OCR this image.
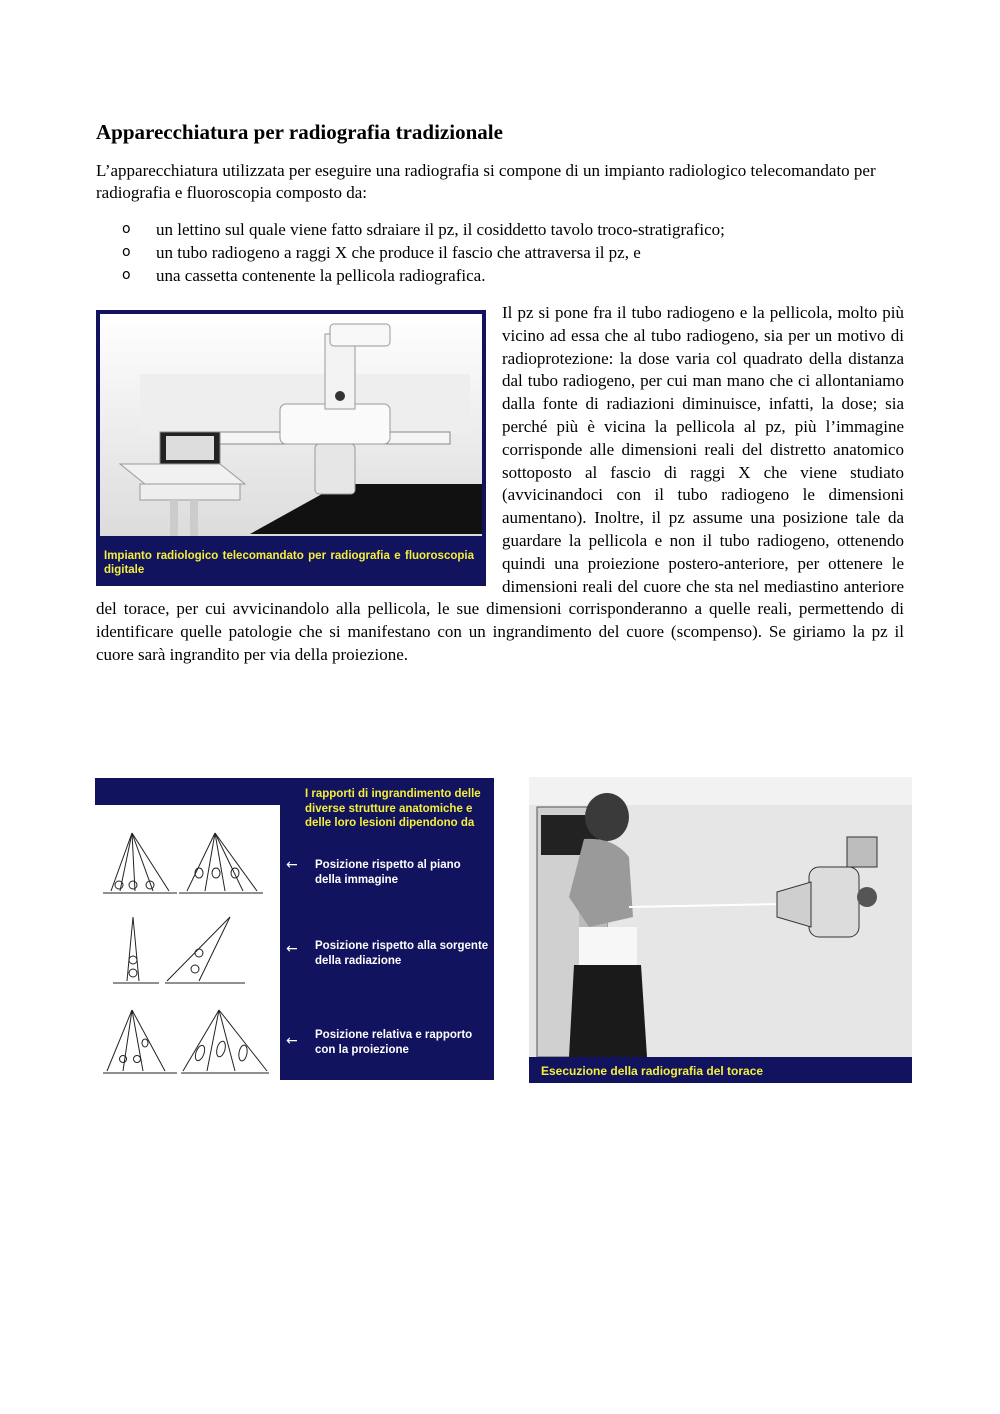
Apparecchiatura per radiografia tradizionale
L’apparecchiatura utilizzata per eseguire una radiografia si compone di un impianto radiologico telecomandato per radiografia e fluoroscopia composto da:
o un lettino sul quale viene fatto sdraiare il pz, il cosiddetto tavolo troco-stratigrafico;
o un tubo radiogeno a raggi X che produce il fascio che attraversa il pz, e
o una cassetta contenente la pellicola radiografica.
Impianto radiologico telecomandato per radiografia e fluoroscopia digitale
Il pz si pone fra il tubo radiogeno e la pellicola, molto più vicino ad essa che al tubo radiogeno, sia per un motivo di radioprotezione: la dose varia col quadrato della distanza dal tubo radiogeno, per cui man mano che ci allontaniamo dalla fonte di radiazioni diminuisce, infatti, la dose; sia perché più è vicina la pellicola al pz, più l’immagine corrisponde alle dimensioni reali del distretto anatomico sottoposto al fascio di raggi X che viene studiato (avvicinandoci con il tubo radiogeno le dimensioni aumentano). Inoltre, il pz assume una posizione tale da guardare la pellicola e non il tubo radiogeno, ottenendo quindi una proiezione postero-anteriore, per ottenere le dimensioni reali del cuore che sta nel mediastino anteriore del torace, per cui avvicinandolo alla pellicola, le sue dimensioni corrisponderanno a quelle reali, permettendo di identificare quelle patologie che si manifestano con un ingrandimento del cuore (scompenso). Se giriamo la pz il cuore sarà ingrandito per via della proiezione.
I rapporti di ingrandimento delle diverse strutture anatomiche e delle loro lesioni dipendono da
←	Posizione rispetto al piano della immagine
←	Posizione rispetto alla sorgente della radiazione
←	Posizione relativa e rapporto con la proiezione
Esecuzione della radiografia del torace
